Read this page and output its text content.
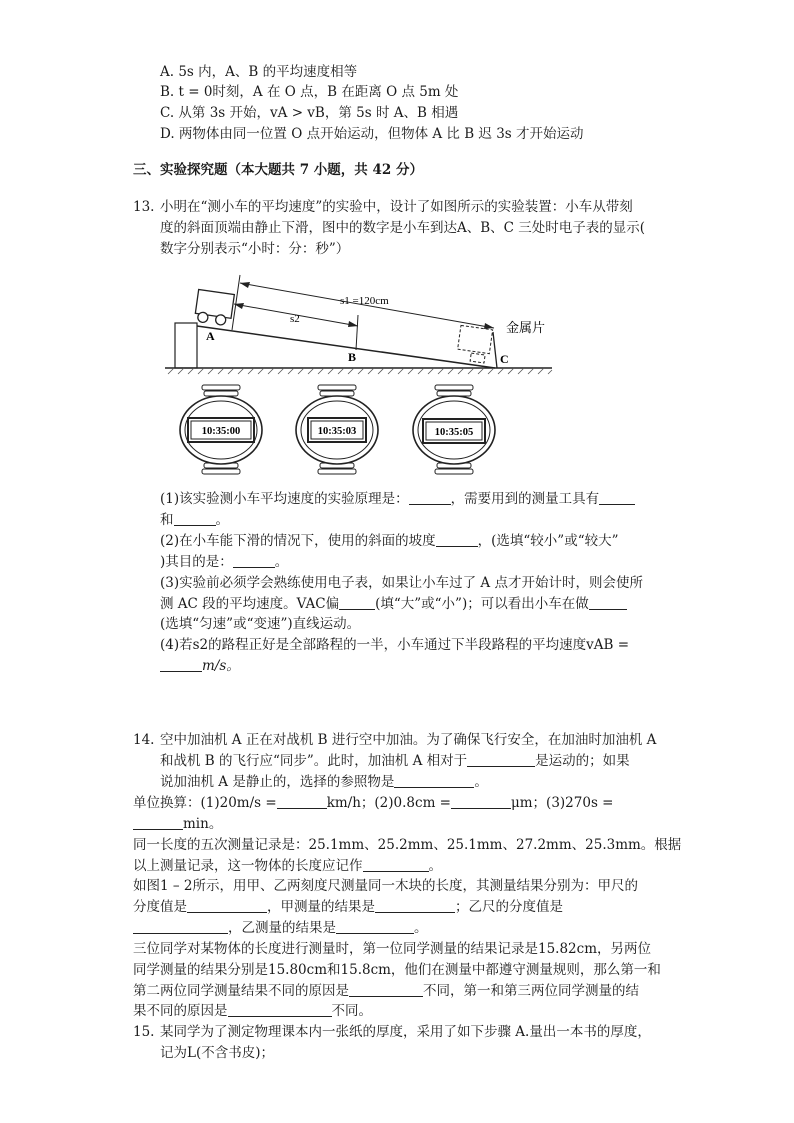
A. 5s 内，A、B 的平均速度相等
B. t = 0时刻，A 在 O 点，B 在距离 O 点 5m 处
C. 从第 3s 开始，vA > vB，第 5s 时 A、B 相遇
D. 两物体由同一位置 O 点开始运动，但物体 A 比 B 迟 3s 才开始运动
三、实验探究题（本大题共 7 小题，共 42 分）
13. 小明在“测小车的平均速度”的实验中，设计了如图所示的实验装置：小车从带刻
度的斜面顶端由静止下滑，图中的数字是小车到达A、B、C 三处时电子表的显示(
数字分别表示“小时：分：秒”）
s1 =120cm
s2
A
B	C
金属片
10:35:00	10:35:03	10:35:05
(1)该实验测小车平均速度的实验原理是：	，需要用到的测量工具有
和	。
(2)在小车能下滑的情况下，使用的斜面的坡度	，(选填“较小”或“较大”
)其目的是：	。
(3)实验前必须学会熟练使用电子表，如果让小车过了 A 点才开始计时，则会使所
测 AC 段的平均速度。VAC偏	(填“大”或“小”)；可以看出小车在做
(选填“匀速”或“变速”)直线运动。
(4)若s2的路程正好是全部路程的一半，小车通过下半段路程的平均速度vAB =
m/s。
14. 空中加油机 A 正在对战机 B 进行空中加油。为了确保飞行安全，在加油时加油机 A
和战机 B 的飞行应“同步”。此时，加油机 A 相对于	是运动的；如果
说加油机 A 是静止的，选择的参照物是	。
单位换算：(1)20m/s =	km/h；(2)0.8cm =	μm；(3)270s =
min。
同一长度的五次测量记录是：25.1mm、25.2mm、25.1mm、27.2mm、25.3mm。根据
以上测量记录，这一物体的长度应记作	。
如图1 – 2所示，用甲、乙两刻度尺测量同一木块的长度，其测量结果分别为：甲尺的
分度值是	，甲测量的结果是	；乙尺的分度值是
，乙测量的结果是	。
三位同学对某物体的长度进行测量时，第一位同学测量的结果记录是15.82cm，另两位
同学测量的结果分别是15.80cm和15.8cm，他们在测量中都遵守测量规则，那么第一和
第二两位同学测量结果不同的原因是	不同，第一和第三两位同学测量的结
果不同的原因是	不同。
15. 某同学为了测定物理课本内一张纸的厚度，采用了如下步骤 A.量出一本书的厚度，
记为L(不含书皮)；
